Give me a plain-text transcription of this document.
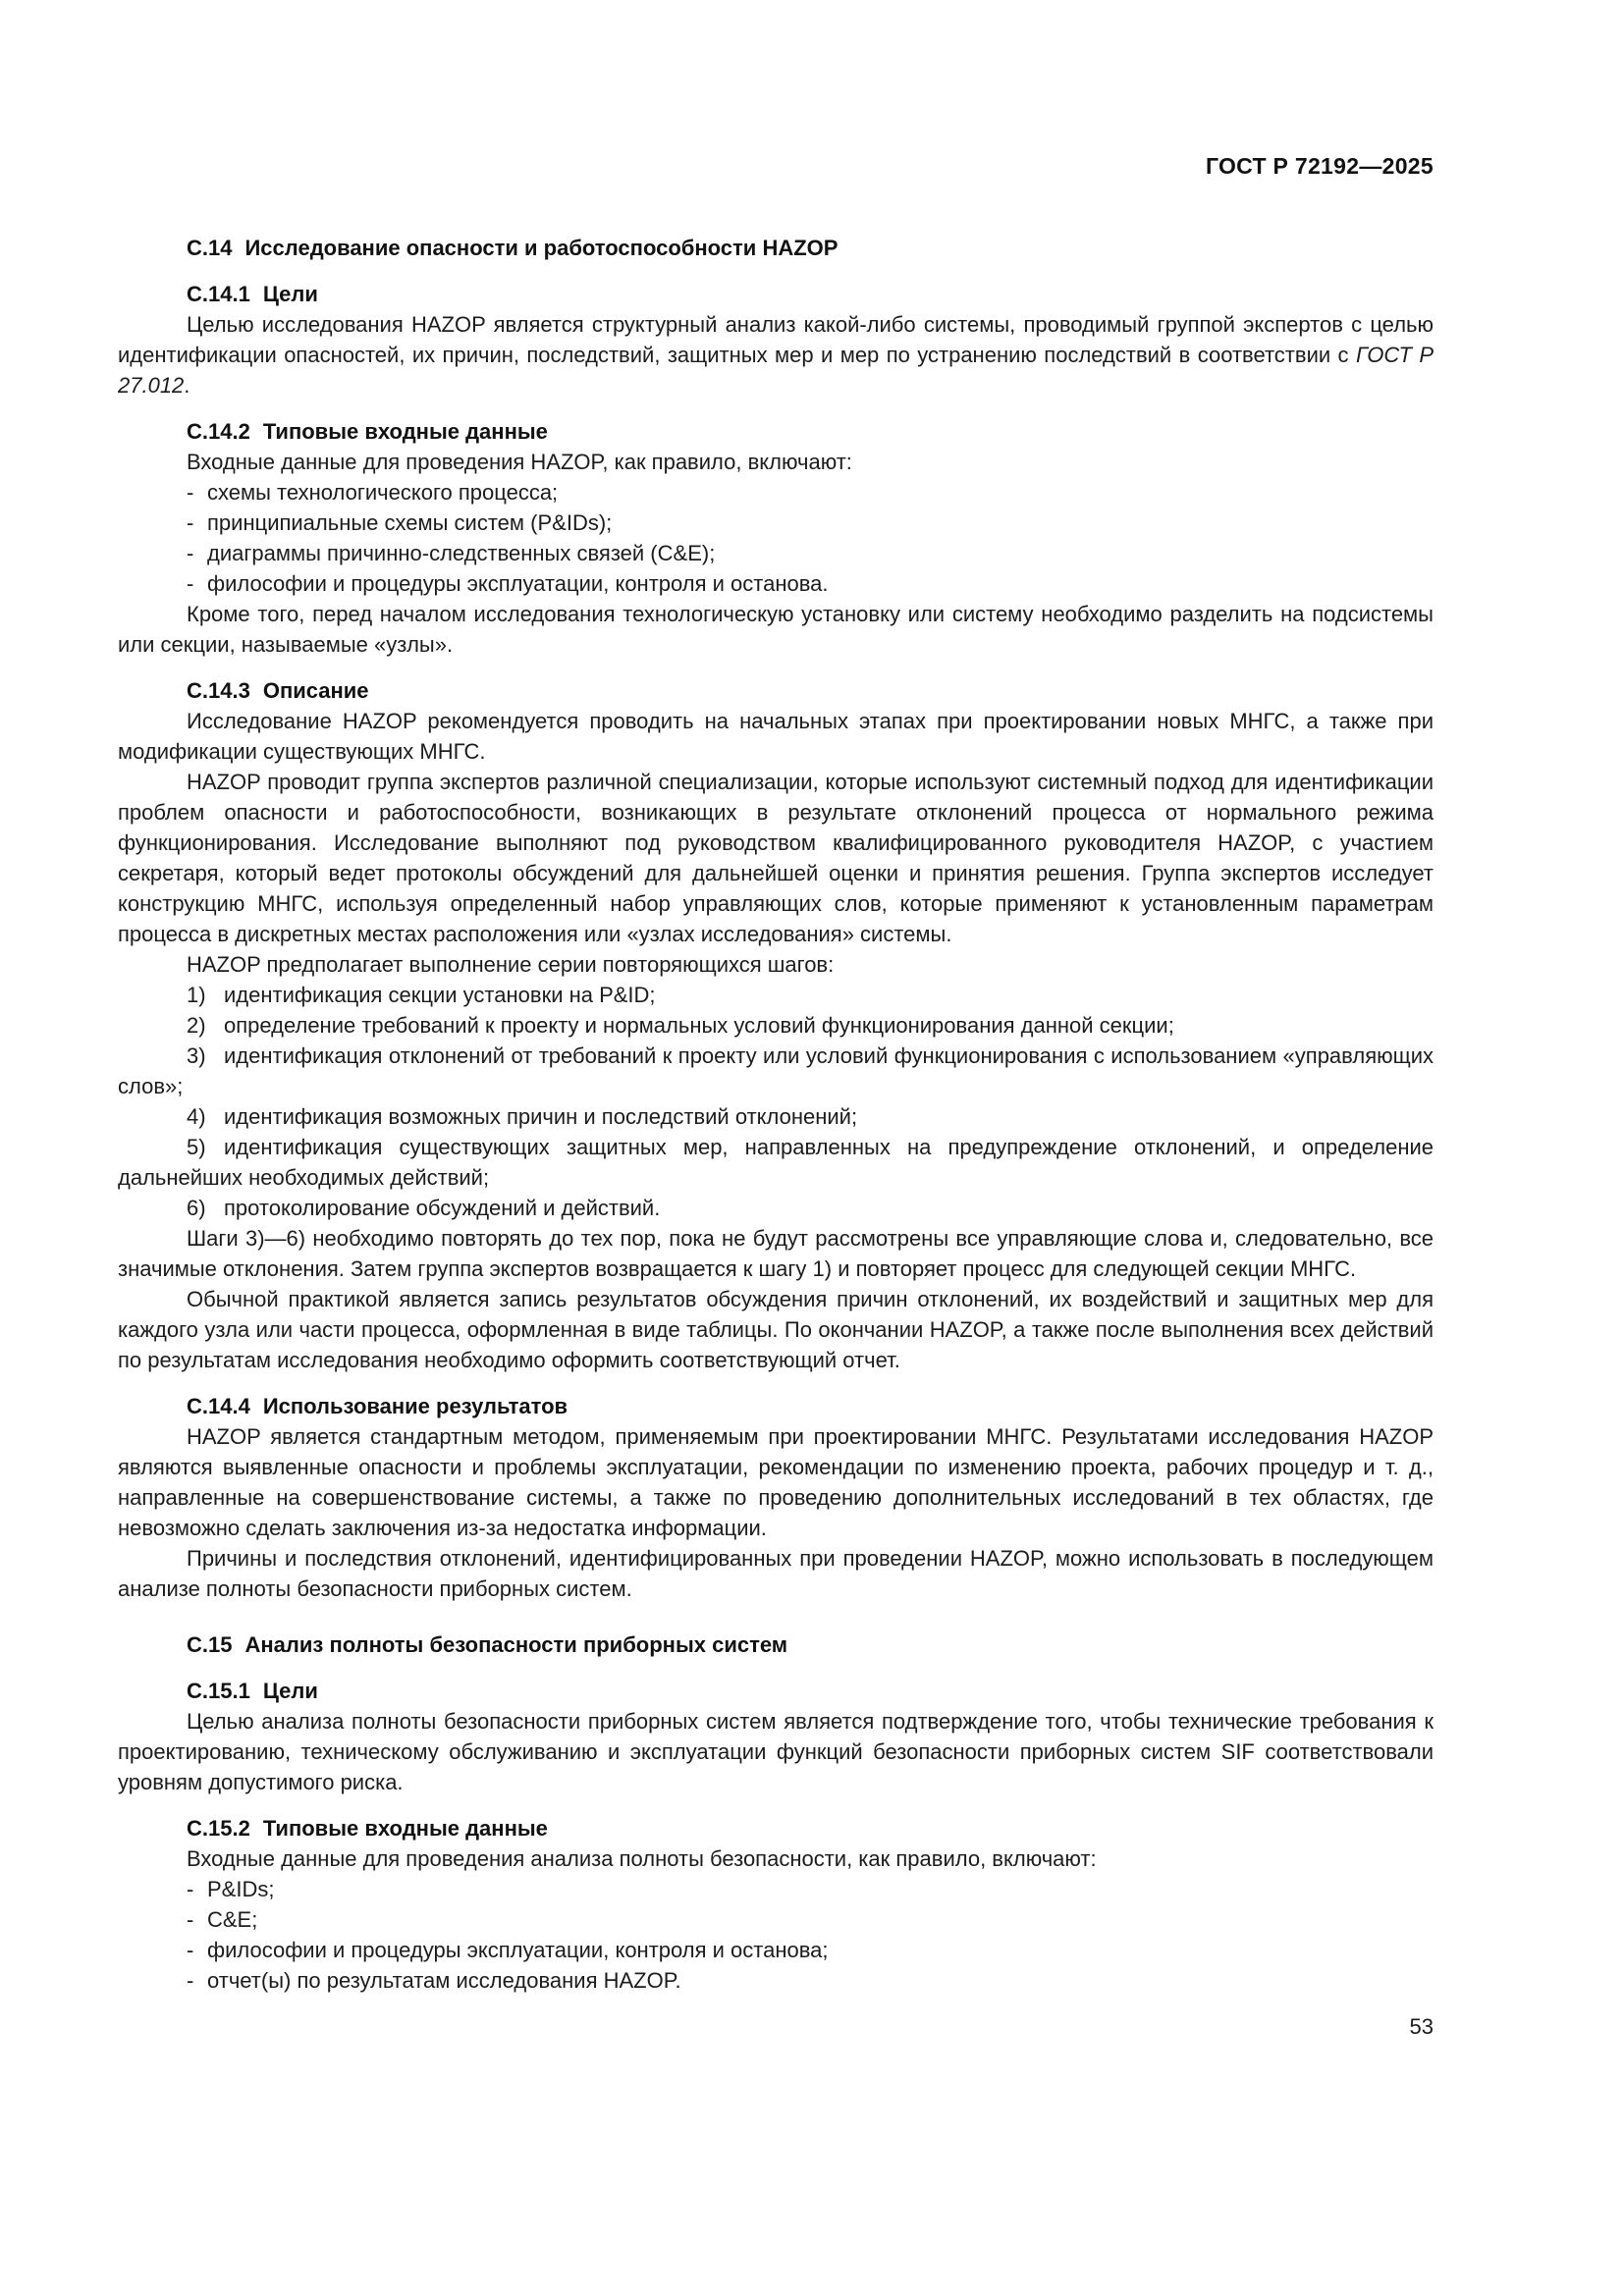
ГОСТ Р 72192—2025

С.14 Исследование опасности и работоспособности HAZOP

С.14.1 Цели

Целью исследования HAZOP является структурный анализ какой-либо системы, проводимый группой экспертов с целью идентификации опасностей, их причин, последствий, защитных мер и мер по устранению последствий в соответствии с ГОСТ Р 27.012.

С.14.2 Типовые входные данные

Входные данные для проведения HAZOP, как правило, включают:

- схемы технологического процесса;

- принципиальные схемы систем (P&IDs);

- диаграммы причинно-следственных связей (C&E);

- философии и процедуры эксплуатации, контроля и останова.

Кроме того, перед началом исследования технологическую установку или систему необходимо разделить на подсистемы или секции, называемые «узлы».

С.14.3 Описание

Исследование HAZOP рекомендуется проводить на начальных этапах при проектировании новых МНГС, а также при модификации существующих МНГС.

HAZOP проводит группа экспертов различной специализации, которые используют системный подход для идентификации проблем опасности и работоспособности, возникающих в результате отклонений процесса от нормального режима функционирования. Исследование выполняют под руководством квалифицированного руководителя HAZOP, с участием секретаря, который ведет протоколы обсуждений для дальнейшей оценки и принятия решения. Группа экспертов исследует конструкцию МНГС, используя определенный набор управляющих слов, которые применяют к установленным параметрам процесса в дискретных местах расположения или «узлах исследования» системы.

HAZOP предполагает выполнение серии повторяющихся шагов:

1) идентификация секции установки на P&ID;

2) определение требований к проекту и нормальных условий функционирования данной секции;

3) идентификация отклонений от требований к проекту или условий функционирования с использованием «управляющих слов»;

4) идентификация возможных причин и последствий отклонений;

5) идентификация существующих защитных мер, направленных на предупреждение отклонений, и определение дальнейших необходимых действий;

6) протоколирование обсуждений и действий.

Шаги 3)—6) необходимо повторять до тех пор, пока не будут рассмотрены все управляющие слова и, следовательно, все значимые отклонения. Затем группа экспертов возвращается к шагу 1) и повторяет процесс для следующей секции МНГС.

Обычной практикой является запись результатов обсуждения причин отклонений, их воздействий и защитных мер для каждого узла или части процесса, оформленная в виде таблицы. По окончании HAZOP, а также после выполнения всех действий по результатам исследования необходимо оформить соответствующий отчет.

С.14.4 Использование результатов

HAZOP является стандартным методом, применяемым при проектировании МНГС. Результатами исследования HAZOP являются выявленные опасности и проблемы эксплуатации, рекомендации по изменению проекта, рабочих процедур и т. д., направленные на совершенствование системы, а также по проведению дополнительных исследований в тех областях, где невозможно сделать заключения из-за недостатка информации.

Причины и последствия отклонений, идентифицированных при проведении HAZOP, можно использовать в последующем анализе полноты безопасности приборных систем.

С.15 Анализ полноты безопасности приборных систем

С.15.1 Цели

Целью анализа полноты безопасности приборных систем является подтверждение того, чтобы технические требования к проектированию, техническому обслуживанию и эксплуатации функций безопасности приборных систем SIF соответствовали уровням допустимого риска.

С.15.2 Типовые входные данные

Входные данные для проведения анализа полноты безопасности, как правило, включают:

- P&IDs;

- C&E;

- философии и процедуры эксплуатации, контроля и останова;

- отчет(ы) по результатам исследования HAZOP.

53
